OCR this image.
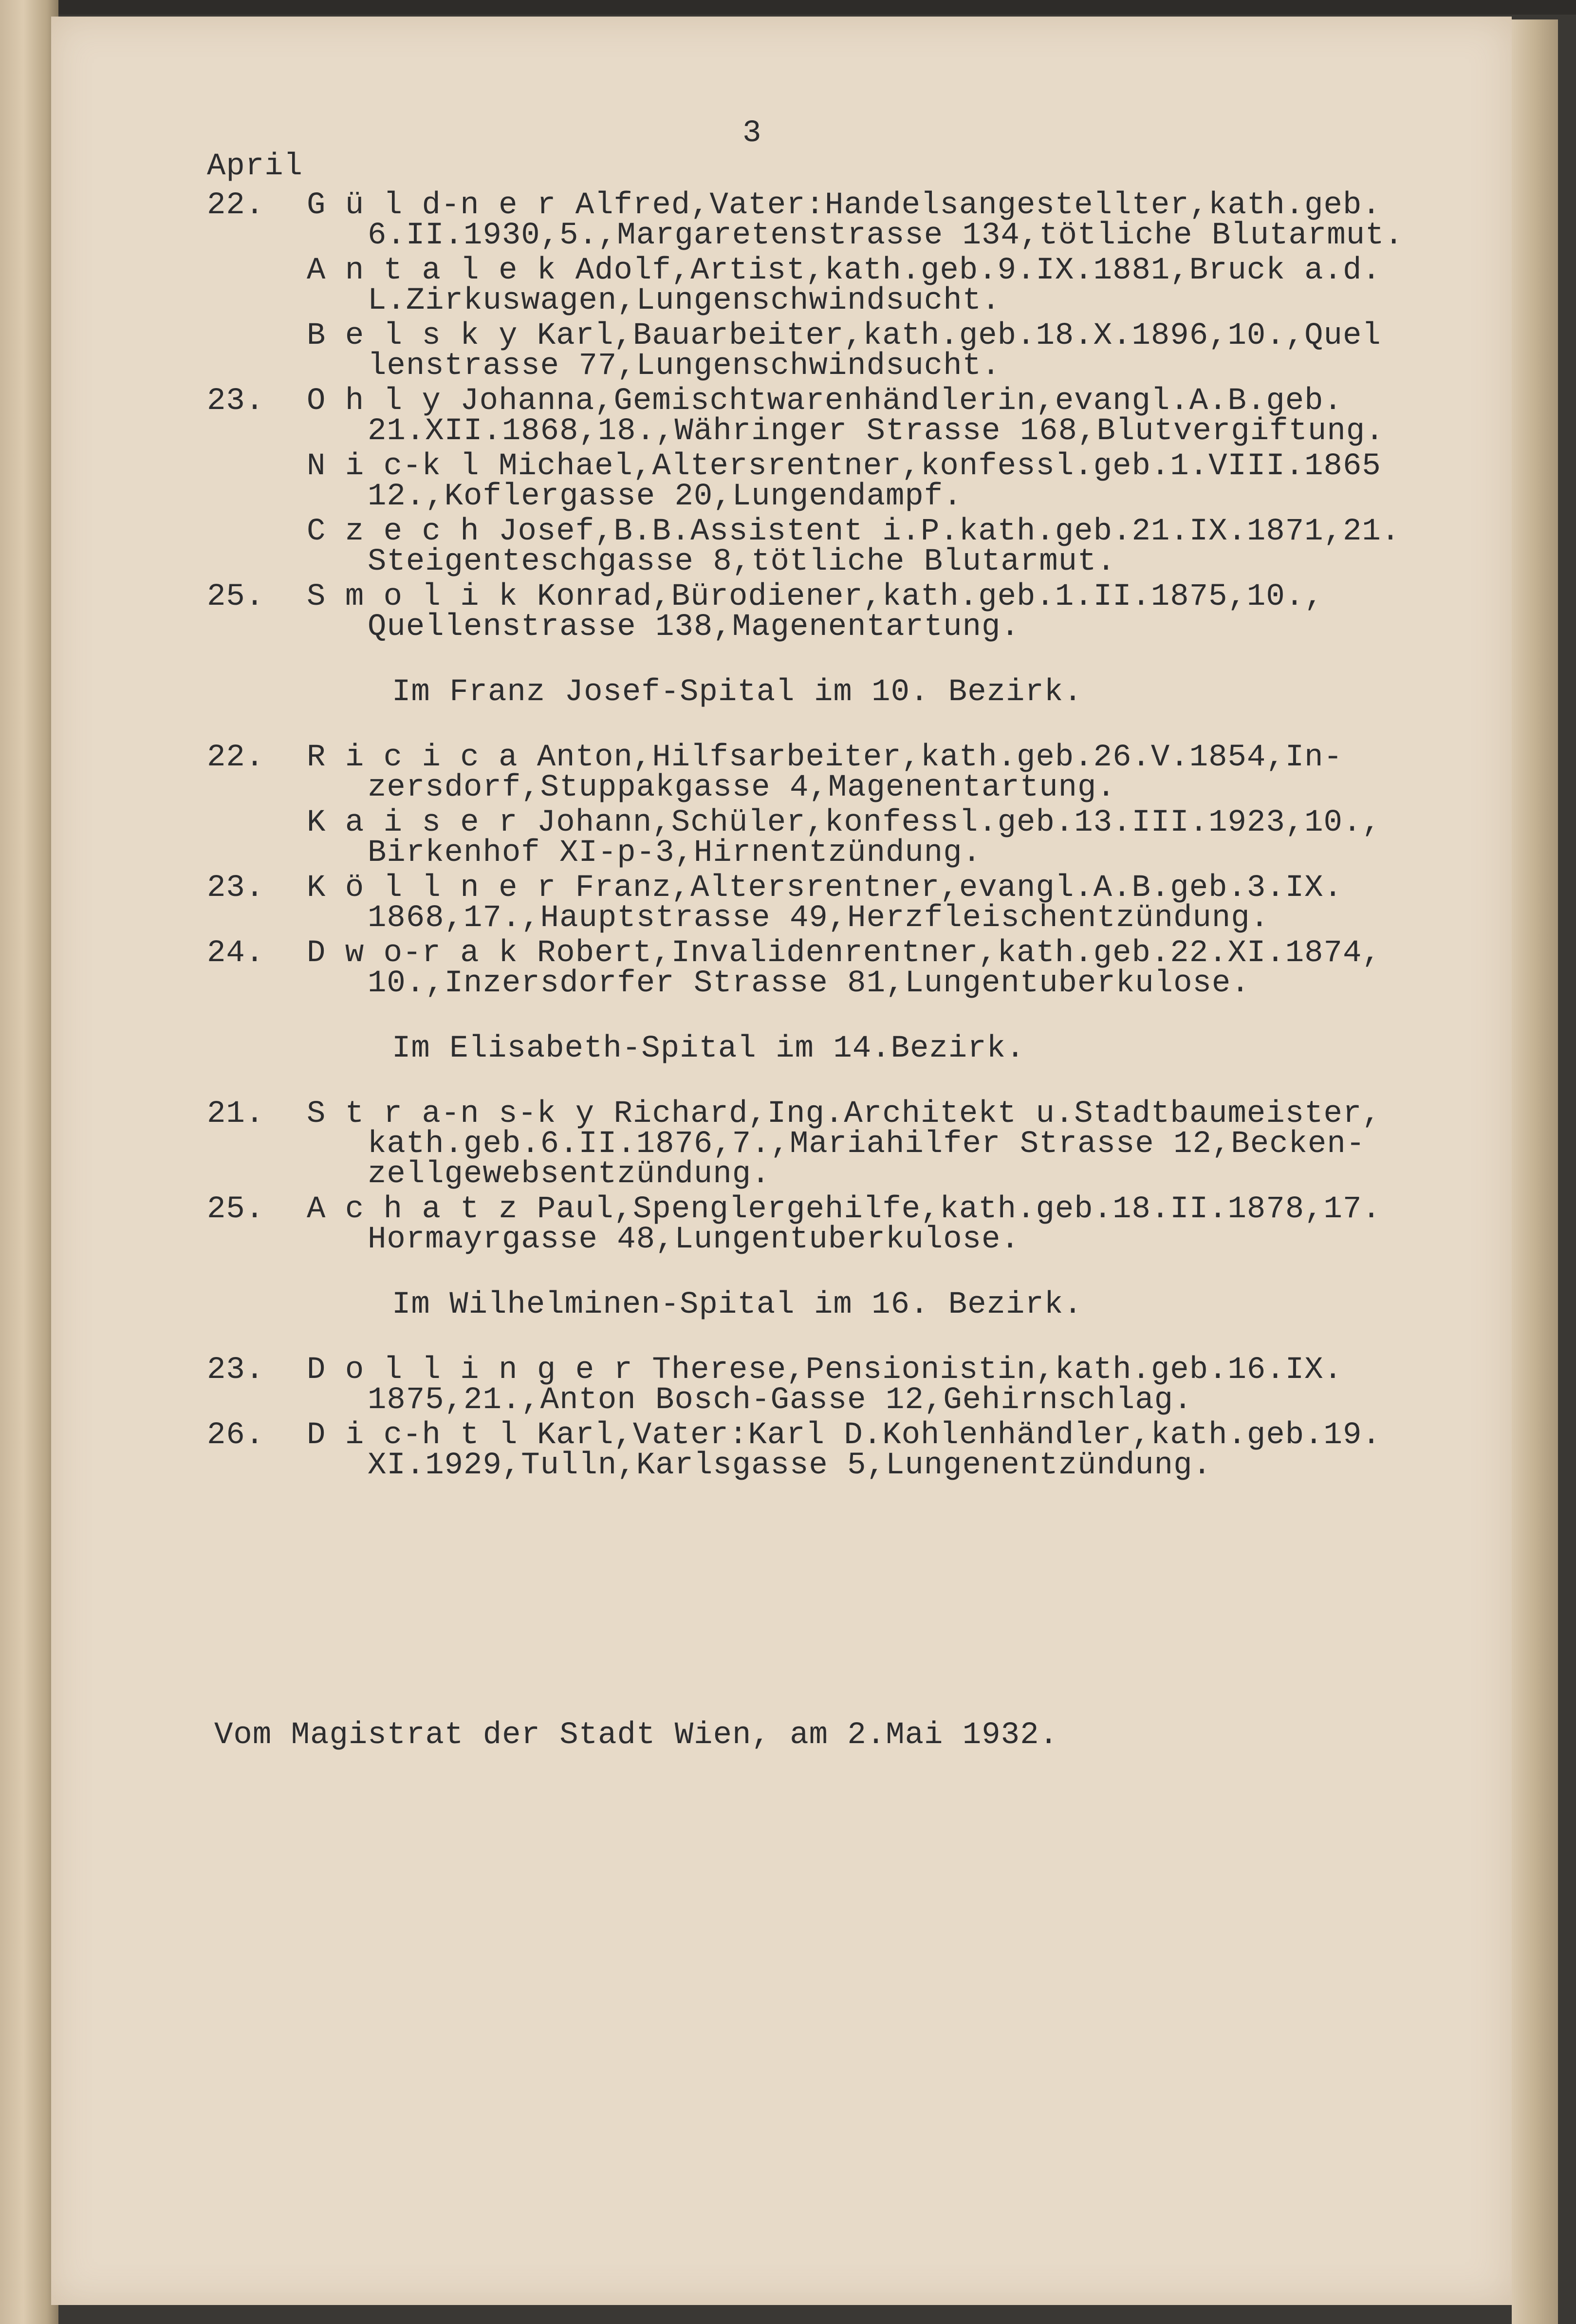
3
April
22. G ü l d-n e r Alfred,Vater:Handelsangestellter,kath.geb.
6.II.1930,5.,Margaretenstrasse 134,tötliche Blutarmut.
A n t a l e k Adolf,Artist,kath.geb.9.IX.1881,Bruck a.d.
L.Zirkuswagen,Lungenschwindsucht.
B e l s k y Karl,Bauarbeiter,kath.geb.18.X.1896,10.,Quel
lenstrasse 77,Lungenschwindsucht.
23. O h l y Johanna,Gemischtwarenhändlerin,evangl.A.B.geb.
21.XII.1868,18.,Währinger Strasse 168,Blutvergiftung.
N i c-k l Michael,Altersrentner,konfessl.geb.1.VIII.1865
12.,Koflergasse 20,Lungendampf.
C z e c h Josef,B.B.Assistent i.P.kath.geb.21.IX.1871,21.
Steigenteschgasse 8,tötliche Blutarmut.
25. S m o l i k Konrad,Bürodiener,kath.geb.1.II.1875,10.,
Quellenstrasse 138,Magenentartung.
Im Franz Josef-Spital im 10. Bezirk.
22. R i c i c a Anton,Hilfsarbeiter,kath.geb.26.V.1854,In-
zersdorf,Stuppakgasse 4,Magenentartung.
K a i s e r Johann,Schüler,konfessl.geb.13.III.1923,10.,
Birkenhof XI-p-3,Hirnentzündung.
23. K ö l l n e r Franz,Altersrentner,evangl.A.B.geb.3.IX.
1868,17.,Hauptstrasse 49,Herzfleischentzündung.
24. D w o-r a k Robert,Invalidenrentner,kath.geb.22.XI.1874,
10.,Inzersdorfer Strasse 81,Lungentuberkulose.
Im Elisabeth-Spital im 14.Bezirk.
21. S t r a-n s-k y Richard,Ing.Architekt u.Stadtbaumeister,
kath.geb.6.II.1876,7.,Mariahilfer Strasse 12,Becken-
zellgewebsentzündung.
25. A c h a t z Paul,Spenglergehilfe,kath.geb.18.II.1878,17.
Hormayrgasse 48,Lungentuberkulose.
Im Wilhelminen-Spital im 16. Bezirk.
23. D o l l i n g e r Therese,Pensionistin,kath.geb.16.IX.
1875,21.,Anton Bosch-Gasse 12,Gehirnschlag.
26. D i c-h t l Karl,Vater:Karl D.Kohlenhändler,kath.geb.19.
XI.1929,Tulln,Karlsgasse 5,Lungenentzündung.
Vom Magistrat der Stadt Wien, am 2.Mai 1932.
